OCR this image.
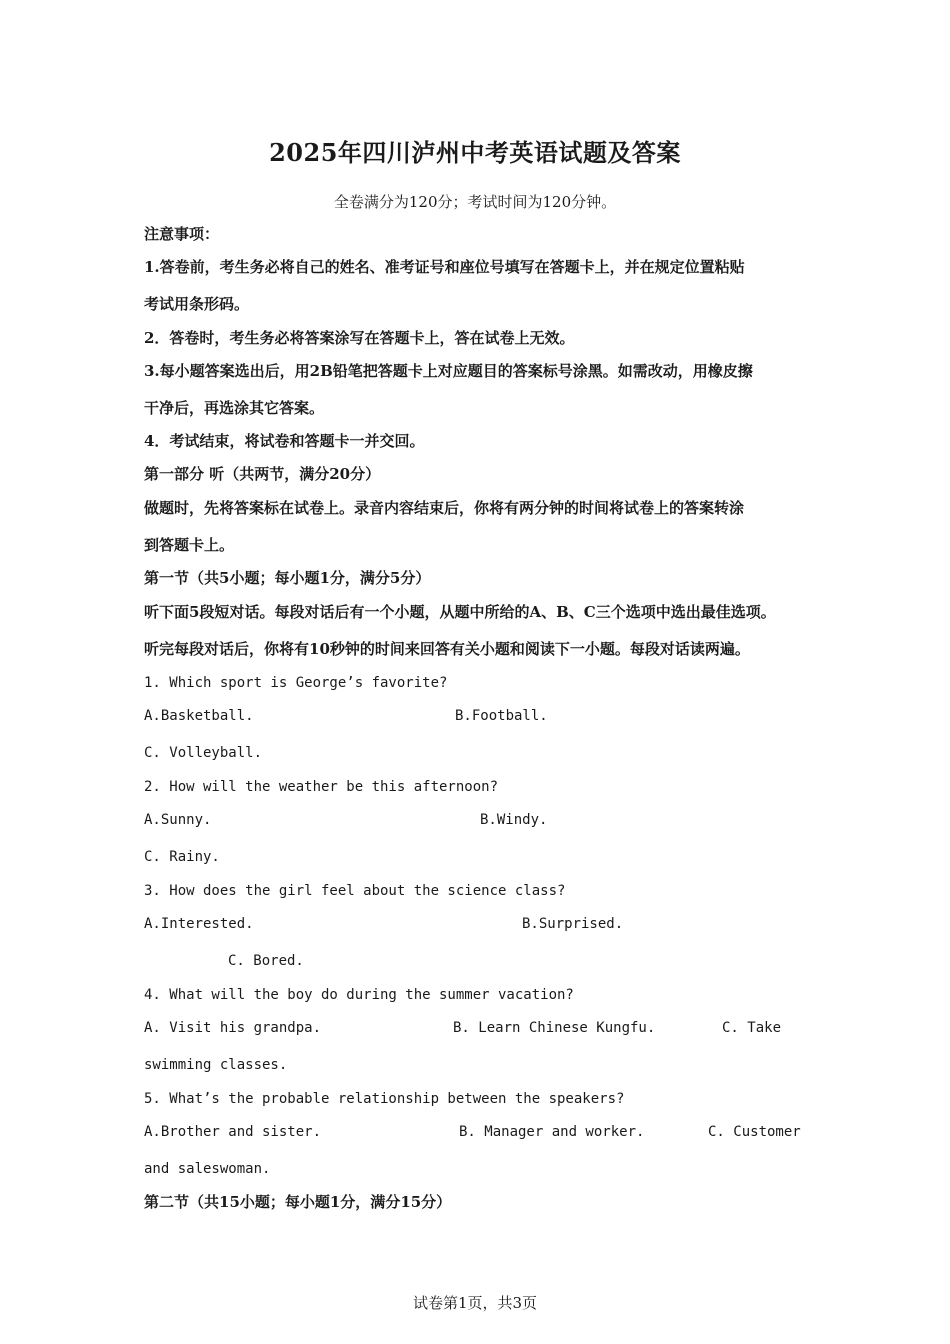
2025年四川泸州中考英语试题及答案
全卷满分为120分；考试时间为120分钟。
注意事项：
1.答卷前，考生务必将自己的姓名、准考证号和座位号填写在答题卡上，并在规定位置粘贴
考试用条形码。
2．答卷时，考生务必将答案涂写在答题卡上，答在试卷上无效。
3.每小题答案选出后，用2B铅笔把答题卡上对应题目的答案标号涂黑。如需改动，用橡皮擦
干净后，再选涂其它答案。
4．考试结束，将试卷和答题卡一并交回。
第一部分 听（共两节，满分20分）
做题时，先将答案标在试卷上。录音内容结束后，你将有两分钟的时间将试卷上的答案转涂
到答题卡上。
第一节（共5小题；每小题1分，满分5分）
听下面5段短对话。每段对话后有一个小题，从题中所给的A、B、C三个选项中选出最佳选项。
听完每段对话后，你将有10秒钟的时间来回答有关小题和阅读下一小题。每段对话读两遍。
1. Which sport is George’s favorite?
A.Basketball.	B.Football.
C. Volleyball.
2. How will the weather be this afternoon?
A.Sunny.	B.Windy.
C. Rainy.
3. How does the girl feel about the science class?
A.Interested.	B.Surprised.
C. Bored.
4. What will the boy do during the summer vacation?
A. Visit his grandpa.	B. Learn Chinese Kungfu.	C. Take
swimming classes.
5. What’s the probable relationship between the speakers?
A.Brother and sister.	B. Manager and worker.	C. Customer
and saleswoman.
第二节（共15小题；每小题1分，满分15分）
试卷第1页，共3页
